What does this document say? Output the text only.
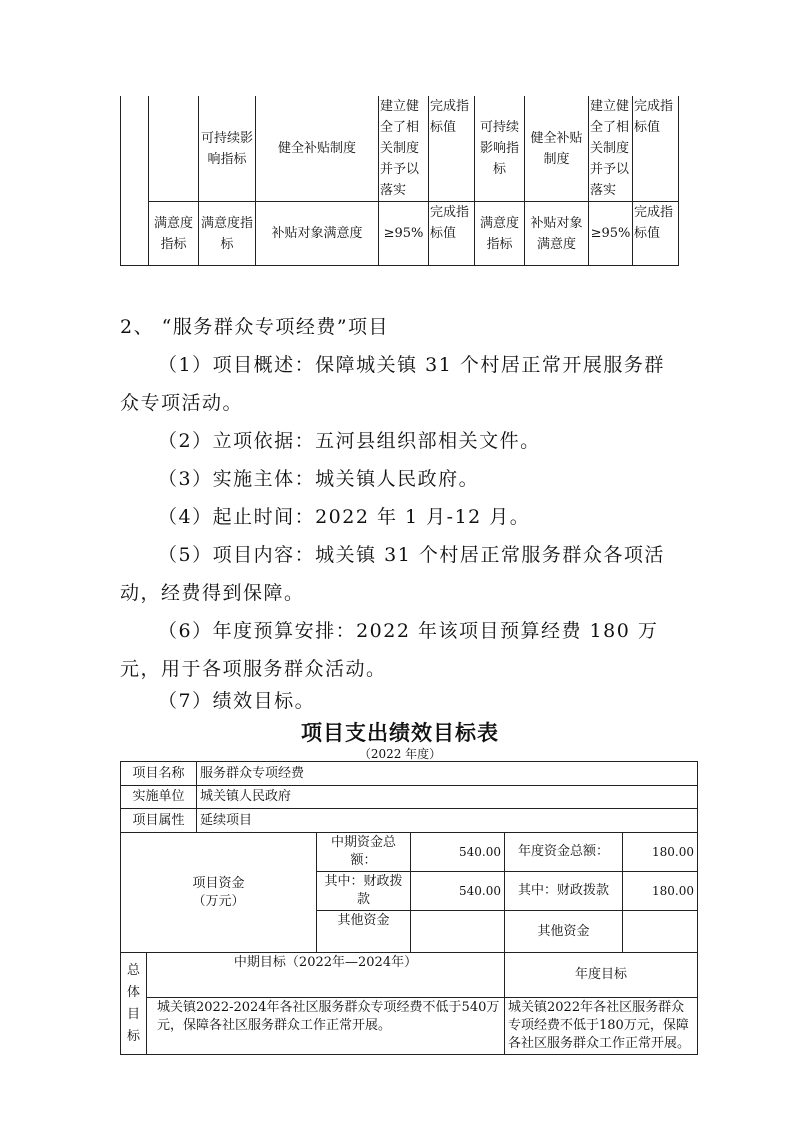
		可持续影响指标	健全补贴制度	建立健全了相关制度并予以落实	完成指标值	可持续影响指标	健全补贴制度	建立健全了相关制度并予以落实	完成指标值
	满意度指标	满意度指标	补贴对象满意度	≥95%	完成指标值	满意度指标	补贴对象满意度	≥95%	完成指标值

2、 “服务群众专项经费”项目

（1）项目概述：保障城关镇 31 个村居正常开展服务群众专项活动。

（2）立项依据：五河县组织部相关文件。

（3）实施主体：城关镇人民政府。

（4）起止时间：2022 年 1 月-12 月。

（5）项目内容：城关镇 31 个村居正常服务群众各项活动，经费得到保障。

（6）年度预算安排：2022 年该项目预算经费 180 万元，用于各项服务群众活动。

（7）绩效目标。

项目支出绩效目标表
（2022 年度）
项目名称		服务群众专项经费				
实施单位		城关镇人民政府				
项目属性		延续项目				

项目资金
（万元）			中期资金总额：	540.00	年度资金总额：	180.00
			其中：财政拨款	540.00	其中：财政拨款	180.00
			其他资金		其他资金	
总体目标	中期目标（2022年—2024年）				年度目标	
	城关镇2022-2024年各社区服务群众专项经费不低于540万元，保障各社区服务群众工作正常开展。				城关镇2022年各社区服务群众专项经费不低于180万元，保障各社区服务群众工作正常开展。	
